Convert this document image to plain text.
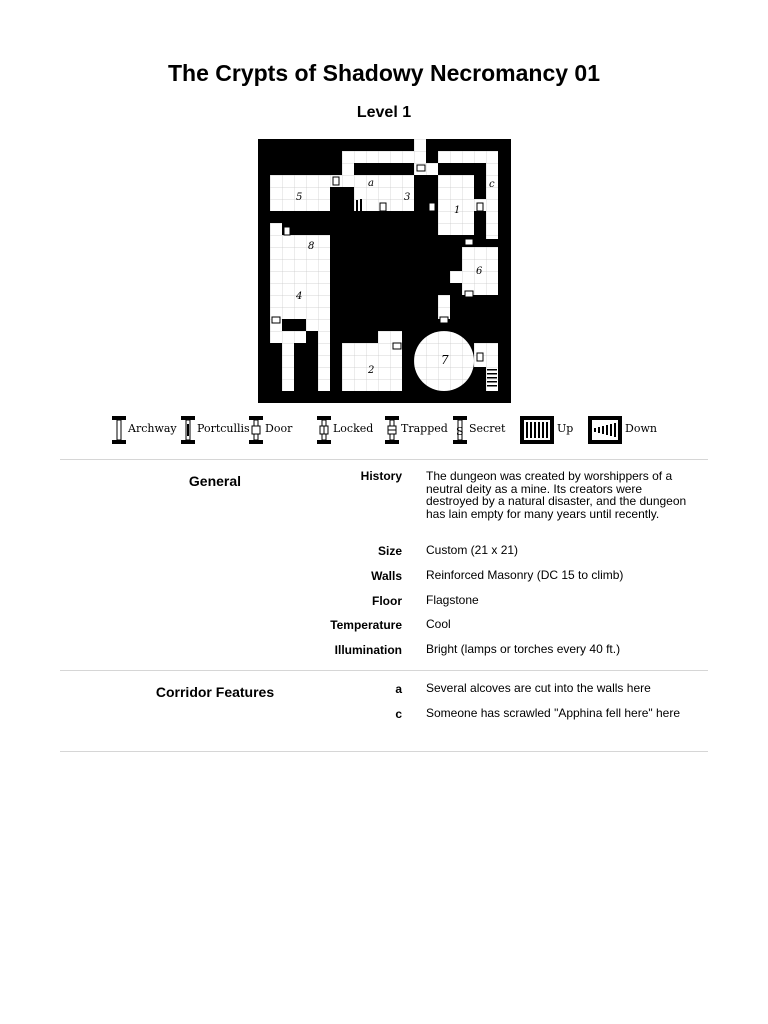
The Crypts of Shadowy Necromancy 01
Level 1
5
a
3
1
c
8
6
4
7
2
Archway Portcullis Door	Locked	Trapped S Secret	Up	Down
General	History The dungeon was created by worshippers of a neutral deity as a mine. Its creators were destroyed by a natural disaster, and the dungeon has lain empty for many years until recently.
Size Custom (21 x 21)
Walls Reinforced Masonry (DC 15 to climb)
Floor Flagstone
Temperature Cool
Illumination Bright (lamps or torches every 40 ft.)
Corridor Features	a Several alcoves are cut into the walls here
c Someone has scrawled "Apphina fell here" here
